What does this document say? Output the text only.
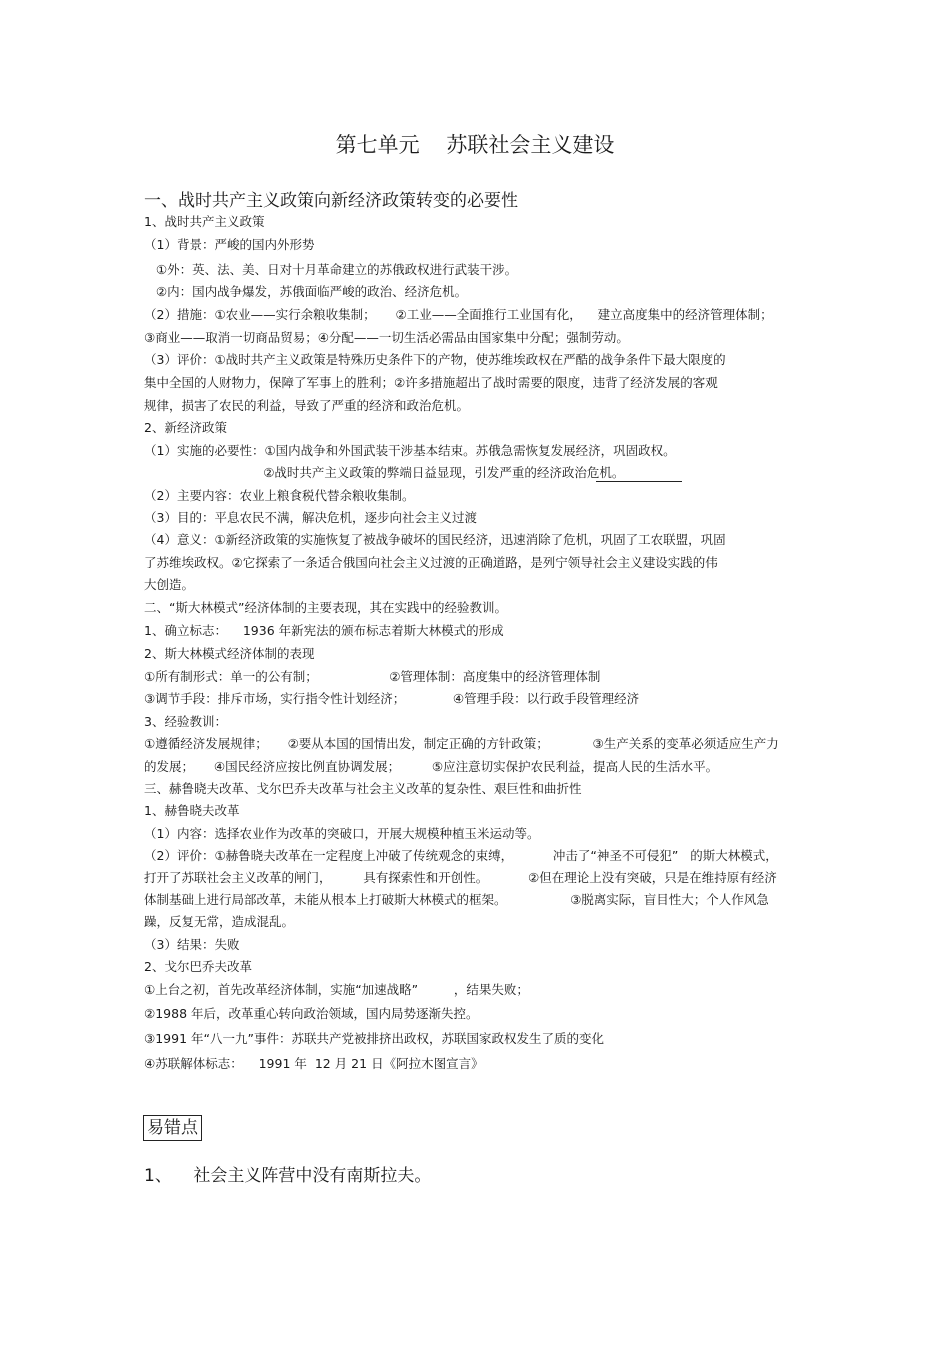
第七单元    苏联社会主义建设
一、战时共产主义政策向新经济政策转变的必要性
1、战时共产主义政策
（1）背景：严峻的国内外形势
①外：英、法、美、日对十月革命建立的苏俄政权进行武装干涉。
②内：国内战争爆发，苏俄面临严峻的政治、经济危机。
（2）措施：①农业——实行余粮收集制；     ②工业——全面推行工业国有化，    建立高度集中的经济管理体制；
③商业——取消一切商品贸易；④分配——一切生活必需品由国家集中分配；强制劳动。
（3）评价：①战时共产主义政策是特殊历史条件下的产物，使苏维埃政权在严酷的战争条件下最大限度的
集中全国的人财物力，保障了军事上的胜利；②许多措施超出了战时需要的限度，违背了经济发展的客观
规律，损害了农民的利益，导致了严重的经济和政治危机。
2、新经济政策
（1）实施的必要性：①国内战争和外国武装干涉基本结束。苏俄急需恢复发展经济，巩固政权。
②战时共产主义政策的弊端日益显现，引发严重的经济政治危机。
（2）主要内容：农业上粮食税代替余粮收集制。
（3）目的：平息农民不满，解决危机，逐步向社会主义过渡
（4）意义：①新经济政策的实施恢复了被战争破坏的国民经济，迅速消除了危机，巩固了工农联盟，巩固
了苏维埃政权。②它探索了一条适合俄国向社会主义过渡的正确道路，是列宁领导社会主义建设实践的伟
大创造。
二、“斯大林模式”经济体制的主要表现，其在实践中的经验教训。
1、确立标志：    1936 年新宪法的颁布标志着斯大林模式的形成
2、斯大林模式经济体制的表现
①所有制形式：单一的公有制；                  ②管理体制：高度集中的经济管理体制
③调节手段：排斥市场，实行指令性计划经济；            ④管理手段：以行政手段管理经济
3、经验教训：
①遵循经济发展规律；     ②要从本国的国情出发，制定正确的方针政策；           ③生产关系的变革必须适应生产力
的发展；     ④国民经济应按比例直协调发展；        ⑤应注意切实保护农民利益，提高人民的生活水平。
三、赫鲁晓夫改革、戈尔巴乔夫改革与社会主义改革的复杂性、艰巨性和曲折性
1、赫鲁晓夫改革
（1）内容：选择农业作为改革的突破口，开展大规模种植玉米运动等。
（2）评价：①赫鲁晓夫改革在一定程度上冲破了传统观念的束缚，          冲击了“神圣不可侵犯”   的斯大林模式，
打开了苏联社会主义改革的闸门，        具有探索性和开创性。          ②但在理论上没有突破，只是在维持原有经济
体制基础上进行局部改革，未能从根本上打破斯大林模式的框架。                ③脱离实际，盲目性大；个人作风急
躁，反复无常，造成混乱。
（3）结果：失败
2、戈尔巴乔夫改革
①上台之初，首先改革经济体制，实施“加速战略”         ，结果失败；
②1988 年后，改革重心转向政治领域，国内局势逐渐失控。
③1991 年“八一九”事件：苏联共产党被排挤出政权，苏联国家政权发生了质的变化
④苏联解体标志：    1991 年  12 月 21 日《阿拉木图宣言》
易错点
1、    社会主义阵营中没有南斯拉夫。
